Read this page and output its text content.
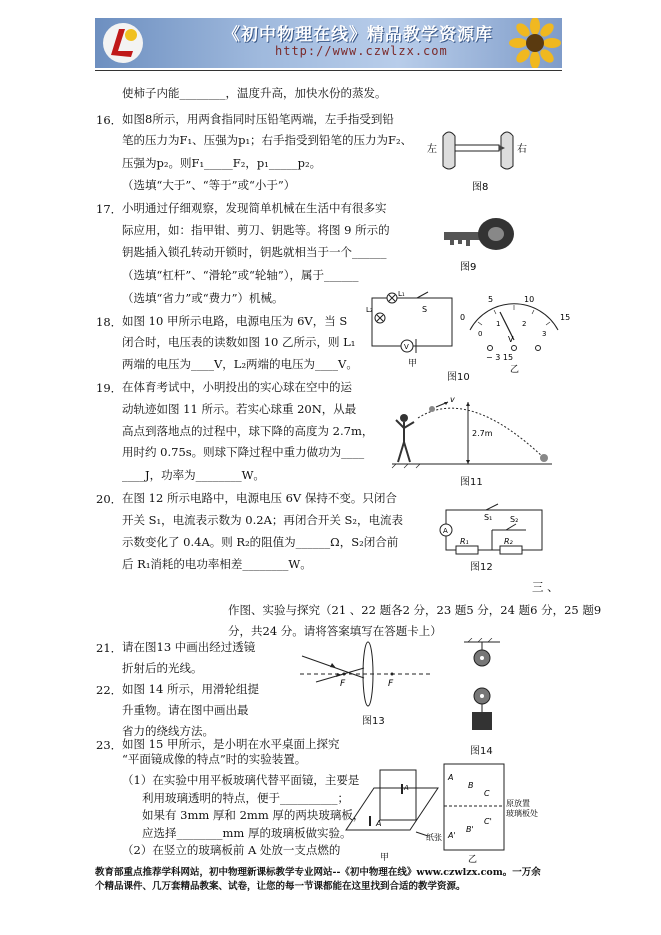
《初中物理在线》精品教学资源库
http://www.czwlzx.com
使柿子内能________，温度升高，加快水份的蒸发。
如图8所示，用两食指同时压铅笔两端，左手指受到铅
笔的压力为F₁、压强为p₁；右手指受到铅笔的压力为F₂、
压强为p₂。则F₁_____F₂，p₁_____p₂。
（选填“大于”、“等于”或“小于”）
小明通过仔细观察，发现简单机械在生活中有很多实
际应用，如：指甲钳、剪刀、钥匙等。将图 9 所示的
钥匙插入锁孔转动开锁时，钥匙就相当于一个______
（选填“杠杆”、“滑轮”或“轮轴”），属于______
（选填“省力”或“费力”）机械。
如图 10 甲所示电路，电源电压为 6V，当 S
闭合时，电压表的读数如图 10 乙所示，则 L₁
两端的电压为____V，L₂两端的电压为____V。
在体育考试中，小明投出的实心球在空中的运
动轨迹如图 11 所示。若实心球重 20N，从最
高点到落地点的过程中，球下降的高度为 2.7m，
用时约 0.75s。则球下降过程中重力做功为____
____J，功率为________W。
在图 12 所示电路中，电源电压 6V 保持不变。只闭合
开关 S₁，电流表示数为 0.2A；再闭合开关 S₂，电流表
示数变化了 0.4A。则 R₂的阻值为______Ω，S₂闭合前
后 R₁消耗的电功率相差________W。
三 、
作图、实验与探究（21 、22 题各2 分，23 题5 分，24 题6 分，25 题9
分，共24 分。请将答案填写在答题卡上）
请在图13 中画出经过透镜
折射后的光线。
如图 14 所示，用滑轮组提
升重物。请在图中画出最
省力的绕线方法。
如图 15 甲所示，是小明在水平桌面上探究
“平面镜成像的特点”时的实验装置。
（1）在实验中用平板玻璃代替平面镜，主要是
利用玻璃透明的特点，便于__________；
如果有 3mm 厚和 2mm 厚的两块玻璃板，
应选择________mm 厚的玻璃板做实验。
（2）在竖立的玻璃板前 A 处放一支点燃的
16．
17．
18．
19．
20．
21．
22．
23．
左	右
图8
图9
L₁
L₂	S
V
甲
0
5	10
15
0
1	2
3
V
− 3 15
乙
图10
v
2.7m
图11
A
R₁	R₂
S₁ S₂
图12
F	F
图13
图14
A
A
纸张
甲
A
B
C
A'
B'
C'
原放置
玻璃板处
乙
教育部重点推荐学科网站，初中物理新课标教学专业网站--《初中物理在线》www.czwlzx.com。一万余
个精品课件、几万套精品教案、试卷，让您的每一节课都能在这里找到合适的教学资源。
